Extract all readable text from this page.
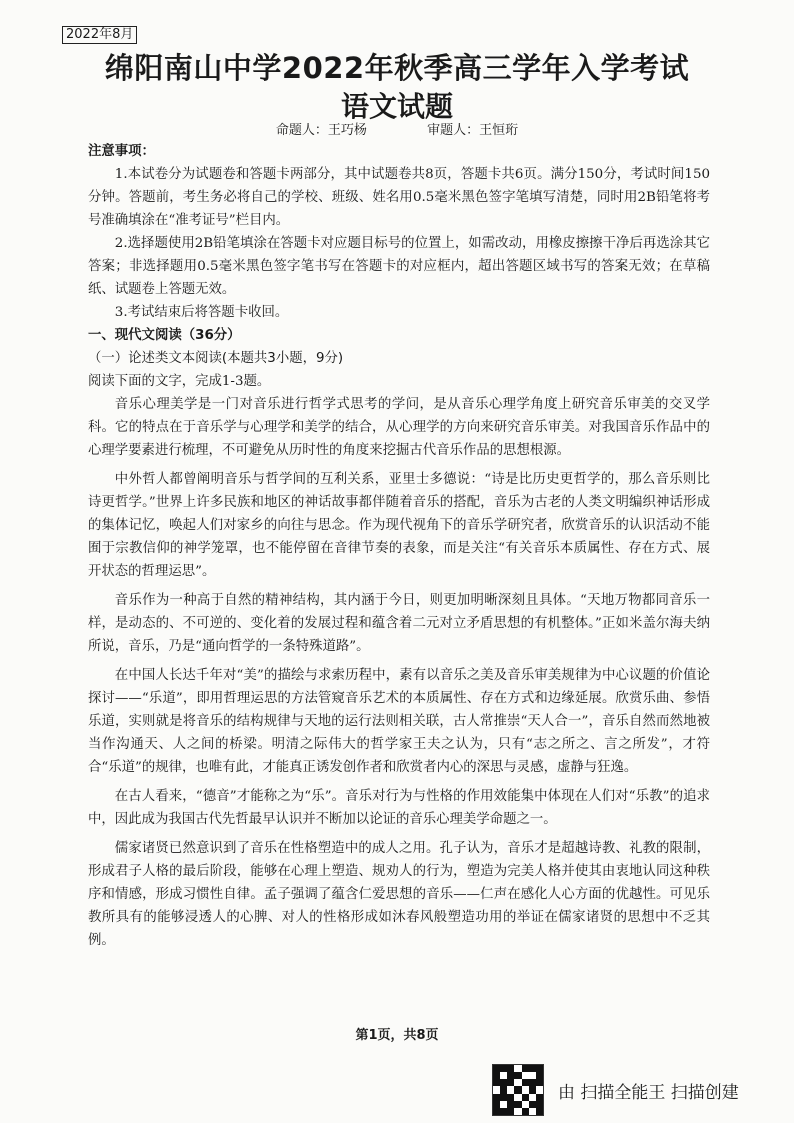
2022年8月
绵阳南山中学2022年秋季高三学年入学考试
语文试题
命题人：王巧杨	审题人：王恒珩

注意事项：

1.本试卷分为试题卷和答题卡两部分，其中试题卷共8页，答题卡共6页。满分150分，考试时间150分钟。答题前，考生务必将自己的学校、班级、姓名用0.5毫米黑色签字笔填写清楚，同时用2B铅笔将考号准确填涂在“准考证号”栏目内。

2.选择题使用2B铅笔填涂在答题卡对应题目标号的位置上，如需改动，用橡皮擦擦干净后再选涂其它答案；非选择题用0.5毫米黑色签字笔书写在答题卡的对应框内，超出答题区域书写的答案无效；在草稿纸、试题卷上答题无效。

3.考试结束后将答题卡收回。

一、现代文阅读（36分）

（一）论述类文本阅读(本题共3小题，9分)

阅读下面的文字，完成1-3题。

音乐心理美学是一门对音乐进行哲学式思考的学问，是从音乐心理学角度上研究音乐审美的交叉学科。它的特点在于音乐学与心理学和美学的结合，从心理学的方向来研究音乐审美。对我国音乐作品中的心理学要素进行梳理，不可避免从历时性的角度来挖掘古代音乐作品的思想根源。

中外哲人都曾阐明音乐与哲学间的互利关系，亚里士多德说：“诗是比历史更哲学的，那么音乐则比诗更哲学。”世界上许多民族和地区的神话故事都伴随着音乐的搭配，音乐为古老的人类文明编织神话形成的集体记忆，唤起人们对家乡的向往与思念。作为现代视角下的音乐学研究者，欣赏音乐的认识活动不能囿于宗教信仰的神学笼罩，也不能停留在音律节奏的表象，而是关注“有关音乐本质属性、存在方式、展开状态的哲理运思”。

音乐作为一种高于自然的精神结构，其内涵于今日，则更加明晰深刻且具体。“天地万物都同音乐一样，是动态的、不可逆的、变化着的发展过程和蕴含着二元对立矛盾思想的有机整体。”正如米盖尔海夫纳所说，音乐，乃是“通向哲学的一条特殊道路”。

在中国人长达千年对“美”的描绘与求索历程中，素有以音乐之美及音乐审美规律为中心议题的价值论探讨——“乐道”，即用哲理运思的方法管窥音乐艺术的本质属性、存在方式和边缘延展。欣赏乐曲、参悟乐道，实则就是将音乐的结构规律与天地的运行法则相关联，古人常推崇“天人合一”，音乐自然而然地被当作沟通天、人之间的桥梁。明清之际伟大的哲学家王夫之认为，只有“志之所之、言之所发”，才符合“乐道”的规律，也唯有此，才能真正诱发创作者和欣赏者内心的深思与灵感，虚静与狂逸。

在古人看来，“德音”才能称之为“乐”。音乐对行为与性格的作用效能集中体现在人们对“乐教”的追求中，因此成为我国古代先哲最早认识并不断加以论证的音乐心理美学命题之一。

儒家诸贤已然意识到了音乐在性格塑造中的成人之用。孔子认为，音乐才是超越诗教、礼教的限制，形成君子人格的最后阶段，能够在心理上塑造、规劝人的行为，塑造为完美人格并使其由衷地认同这种秩序和情感，形成习惯性自律。孟子强调了蕴含仁爱思想的音乐——仁声在感化人心方面的优越性。可见乐教所具有的能够浸透人的心脾、对人的性格形成如沐春风般塑造功用的举证在儒家诸贤的思想中不乏其例。

第1页，共8页
由 扫描全能王 扫描创建
